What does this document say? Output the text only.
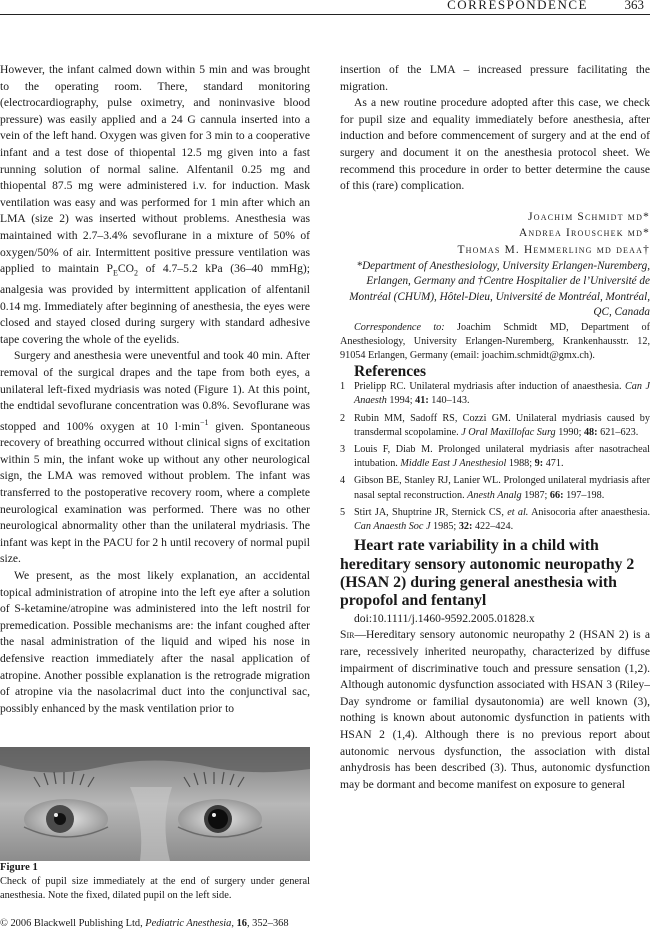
CORRESPONDENCE	363

However, the infant calmed down within 5 min and was brought to the operating room. There, standard monitoring (electrocardiography, pulse oximetry, and noninvasive blood pressure) was easily applied and a 24 G cannula inserted into a vein of the left hand. Oxygen was given for 3 min to a cooperative infant and a test dose of thiopental 12.5 mg given into a fast running solution of normal saline. Alfentanil 0.25 mg and thiopental 87.5 mg were administered i.v. for induction. Mask ventilation was easy and was performed for 1 min after which an LMA (size 2) was inserted without problems. Anesthesia was maintained with 2.7–3.4% sevoflurane in a mixture of 50% of oxygen/50% of air. Intermittent positive pressure ventilation was applied to maintain $P_ECO_2$ of 4.7–5.2 kPa (36–40 mmHg); analgesia was provided by intermittent application of alfentanil 0.14 mg. Immediately after beginning of anesthesia, the eyes were closed and stayed closed during surgery with standard adhesive tape covering the whole of the eyelids.

Surgery and anesthesia were uneventful and took 40 min. After removal of the surgical drapes and the tape from both eyes, a unilateral left-fixed mydriasis was noted (Figure 1). At this point, the endtidal sevoflurane concentration was 0.8%. Sevoflurane was stopped and 100% oxygen at 10 $l\cdot\min^{-1}$ given. Spontaneous recovery of breathing occurred without clinical signs of excitation within 5 min, the infant woke up without any other neurological sign, the LMA was removed without problem. The infant was transferred to the postoperative recovery room, where a complete neurological examination was performed. There was no other neurological abnormality other than the unilateral mydriasis. The infant was kept in the PACU for 2 h until recovery of normal pupil size.

We present, as the most likely explanation, an accidental topical administration of atropine into the left eye after a solution of S-ketamine/atropine was administered into the left nostril for premedication. Possible mechanisms are: the infant coughed after the nasal administration of the liquid and wiped his nose in defensive reaction immediately after the nasal application of atropine. Another possible explanation is the retrograde migration of atropine via the nasolacrimal duct into the conjunctival sac, possibly enhanced by the mask ventilation prior to

Figure 1
Check of pupil size immediately at the end of surgery under general anesthesia. Note the fixed, dilated pupil on the left side.
© 2006 Blackwell Publishing Ltd, Pediatric Anesthesia, 16, 352–368

insertion of the LMA – increased pressure facilitating the migration.

As a new routine procedure adopted after this case, we check for pupil size and equality immediately before anesthesia, after induction and before commencement of surgery and at the end of surgery and document it on the anesthesia protocol sheet. We recommend this procedure in order to better determine the cause of this (rare) complication.

Joachim Schmidt md*

Andrea Irouschek md*

Thomas M. Hemmerling md deaa†

*Department of Anesthesiology, University Erlangen-Nuremberg, Erlangen, Germany and †Centre Hospitalier de l’Université de Montréal (CHUM), Hôtel-Dieu, Université de Montréal, Montréal, QC, Canada

Correspondence to: Joachim Schmidt MD, Department of Anesthesiology, University Erlangen-Nuremberg, Krankenhausstr. 12, 91054 Erlangen, Germany (email: joachim.schmidt@gmx.ch).

References

1 Prielipp RC. Unilateral mydriasis after induction of anaesthesia. Can J Anaesth 1994; 41: 140–143.
2 Rubin MM, Sadoff RS, Cozzi GM. Unilateral mydriasis caused by transdermal scopolamine. J Oral Maxillofac Surg 1990; 48: 621–623.
3 Louis F, Diab M. Prolonged unilateral mydriasis after nasotracheal intubation. Middle East J Anesthesiol 1988; 9: 471.
4 Gibson BE, Stanley RJ, Lanier WL. Prolonged unilateral mydriasis after nasal septal reconstruction. Anesth Analg 1987; 66: 197–198.
5 Stirt JA, Shuptrine JR, Sternick CS, et al. Anisocoria after anaesthesia. Can Anaesth Soc J 1985; 32: 422–424.

Heart rate variability in a child with hereditary sensory autonomic neuropathy 2 (HSAN 2) during general anesthesia with propofol and fentanyl

doi:10.1111/j.1460-9592.2005.01828.x

Sir—Hereditary sensory autonomic neuropathy 2 (HSAN 2) is a rare, recessively inherited neuropathy, characterized by diffuse impairment of discriminative touch and pressure sensation (1,2). Although autonomic dysfunction associated with HSAN 3 (Riley–Day syndrome or familial dysautonomia) are well known (3), nothing is known about autonomic dysfunction in patients with HSAN 2 (1,4). Although there is no previous report about autonomic nervous dysfunction, the association with distal anhydrosis has been described (3). Thus, autonomic dysfunction may be dormant and become manifest on exposure to general
